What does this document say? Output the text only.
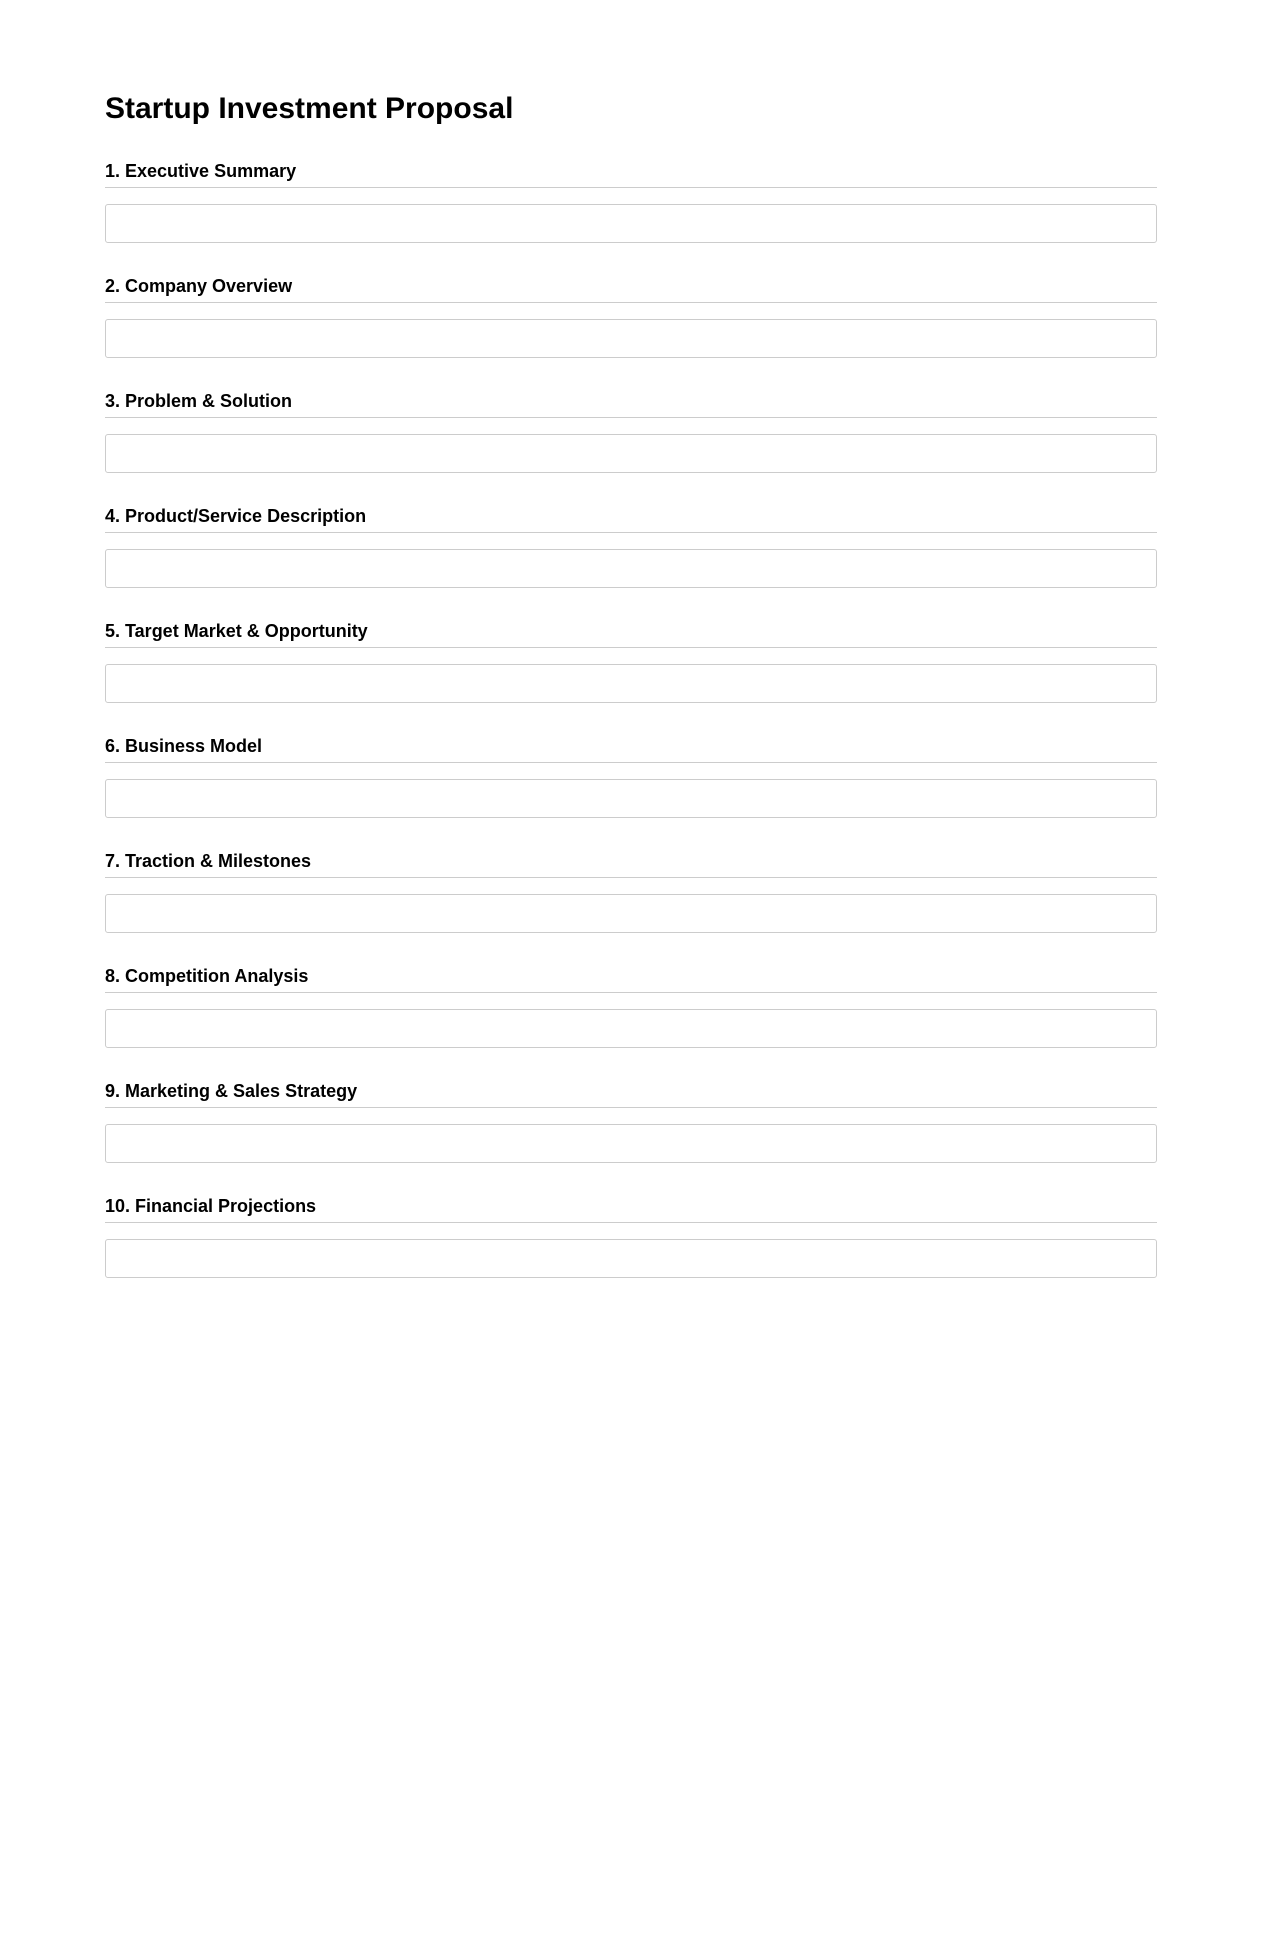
Startup Investment Proposal
1. Executive Summary
2. Company Overview
3. Problem & Solution
4. Product/Service Description
5. Target Market & Opportunity
6. Business Model
7. Traction & Milestones
8. Competition Analysis
9. Marketing & Sales Strategy
10. Financial Projections
